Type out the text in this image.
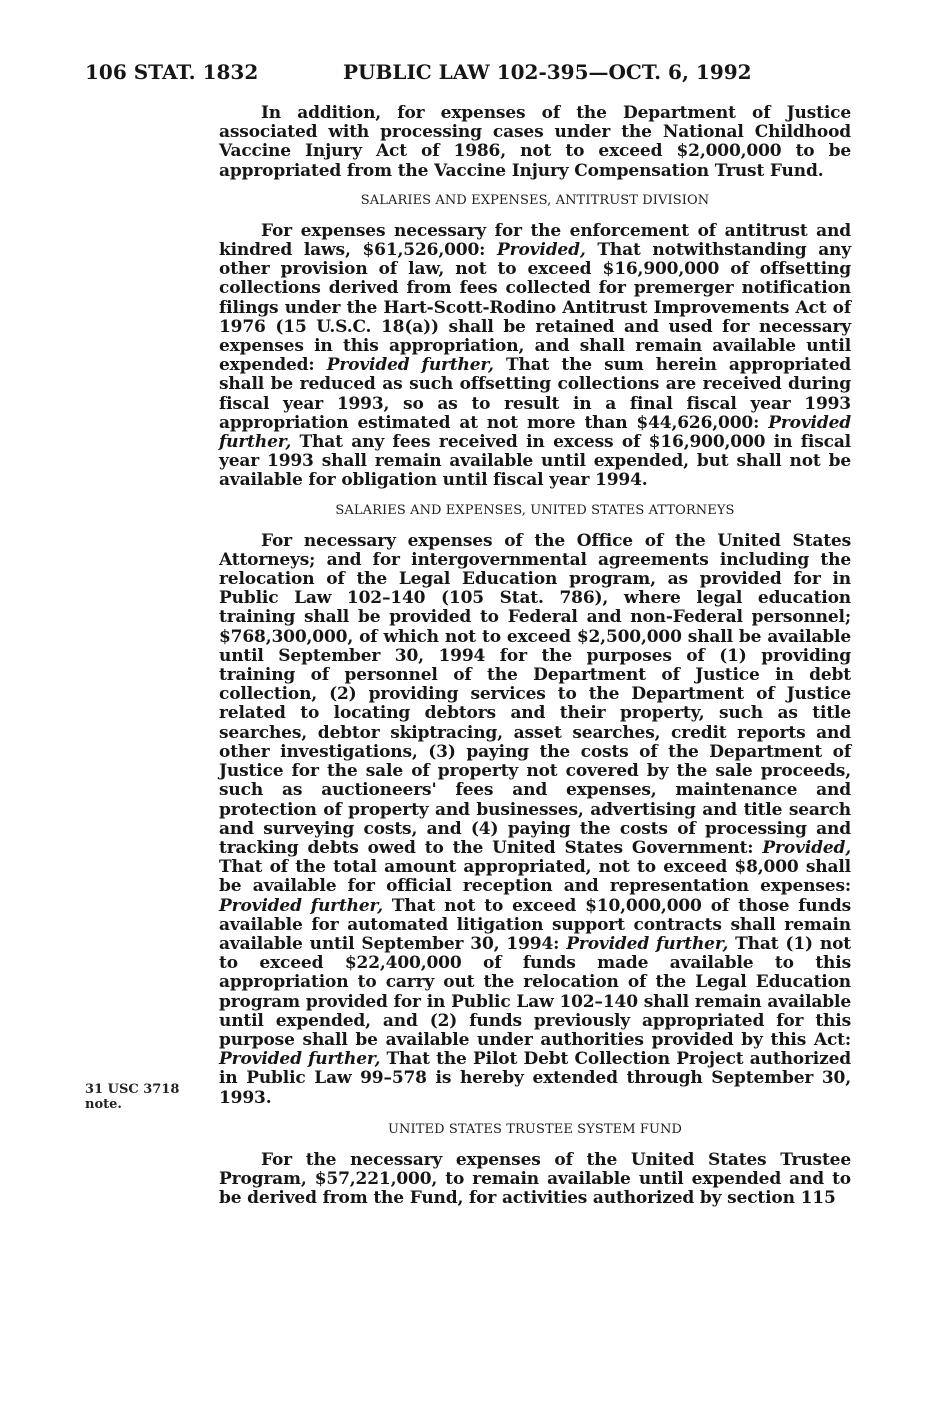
106 STAT. 1832	PUBLIC LAW 102-395—OCT. 6, 1992
31 USC 3718
note.

In addition, for expenses of the Department of Justice associated with processing cases under the National Childhood Vaccine Injury Act of 1986, not to exceed $2,000,000 to be appropriated from the Vaccine Injury Compensation Trust Fund.

SALARIES AND EXPENSES, ANTITRUST DIVISION

For expenses necessary for the enforcement of antitrust and kindred laws, $61,526,000: Provided, That notwithstanding any other provision of law, not to exceed $16,900,000 of offsetting collections derived from fees collected for premerger notification filings under the Hart-Scott-Rodino Antitrust Improvements Act of 1976 (15 U.S.C. 18(a)) shall be retained and used for necessary expenses in this appropriation, and shall remain available until expended: Provided further, That the sum herein appropriated shall be reduced as such offsetting collections are received during fiscal year 1993, so as to result in a final fiscal year 1993 appropriation estimated at not more than $44,626,000: Provided further, That any fees received in excess of $16,900,000 in fiscal year 1993 shall remain available until expended, but shall not be available for obligation until fiscal year 1994.

SALARIES AND EXPENSES, UNITED STATES ATTORNEYS

For necessary expenses of the Office of the United States Attorneys; and for intergovernmental agreements including the relocation of the Legal Education program, as provided for in Public Law 102–140 (105 Stat. 786), where legal education training shall be provided to Federal and non-Federal personnel; $768,300,000, of which not to exceed $2,500,000 shall be available until September 30, 1994 for the purposes of (1) providing training of personnel of the Department of Justice in debt collection, (2) providing services to the Department of Justice related to locating debtors and their property, such as title searches, debtor skiptracing, asset searches, credit reports and other investigations, (3) paying the costs of the Department of Justice for the sale of property not covered by the sale proceeds, such as auctioneers' fees and expenses, maintenance and protection of property and businesses, advertising and title search and surveying costs, and (4) paying the costs of processing and tracking debts owed to the United States Government: Provided, That of the total amount appropriated, not to exceed $8,000 shall be available for official reception and representation expenses: Provided further, That not to exceed $10,000,000 of those funds available for automated litigation support contracts shall remain available until September 30, 1994: Provided further, That (1) not to exceed $22,400,000 of funds made available to this appropriation to carry out the relocation of the Legal Education program provided for in Public Law 102–140 shall remain available until expended, and (2) funds previously appropriated for this purpose shall be available under authorities provided by this Act: Provided further, That the Pilot Debt Collection Project authorized in Public Law 99–578 is hereby extended through September 30, 1993.

UNITED STATES TRUSTEE SYSTEM FUND

For the necessary expenses of the United States Trustee Program, $57,221,000, to remain available until expended and to be derived from the Fund, for activities authorized by section 115
